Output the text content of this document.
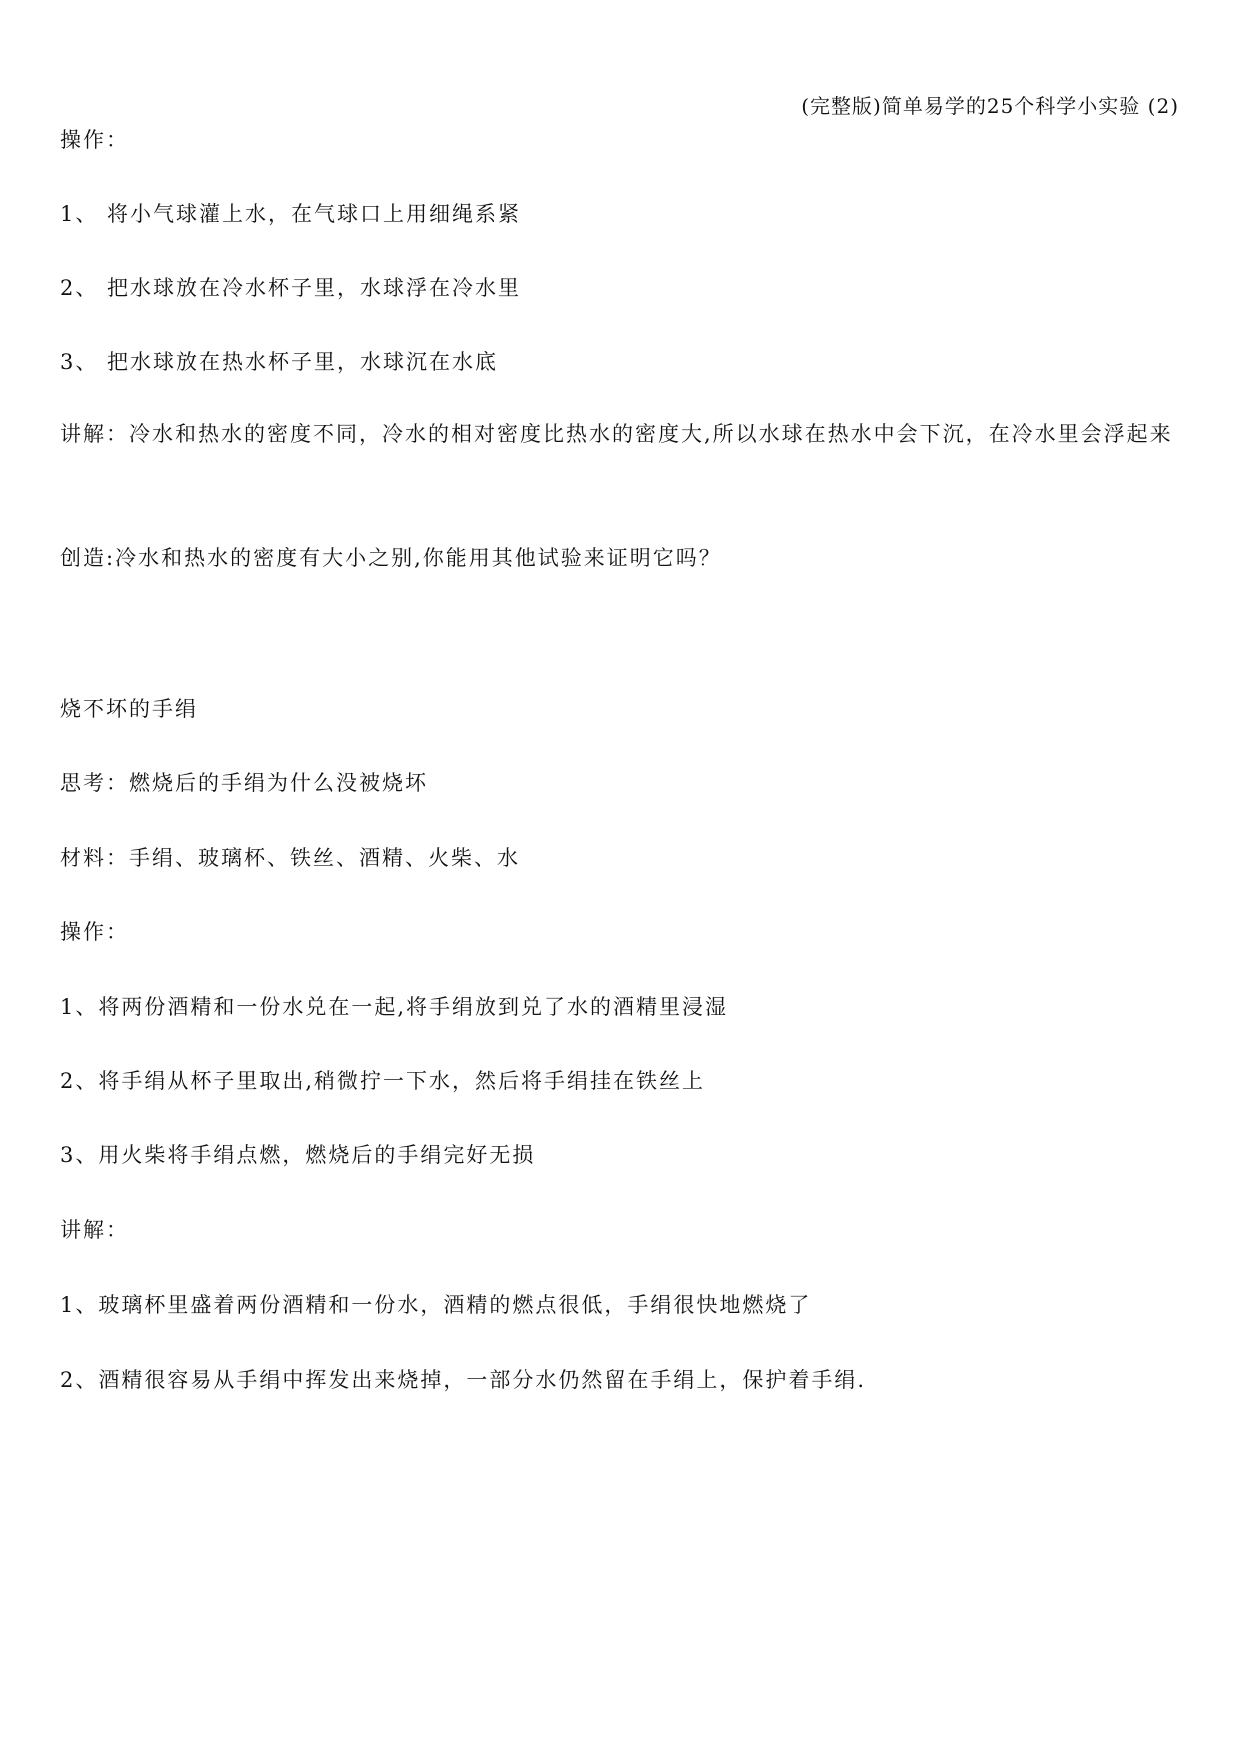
(完整版)简单易学的25个科学小实验 (2)
操作：
1、 将小气球灌上水，在气球口上用细绳系紧
2、 把水球放在冷水杯子里，水球浮在冷水里
3、 把水球放在热水杯子里，水球沉在水底
讲解：冷水和热水的密度不同，冷水的相对密度比热水的密度大,所以水球在热水中会下沉，在冷水里会浮起来
创造:冷水和热水的密度有大小之别,你能用其他试验来证明它吗？
烧不坏的手绢
思考：燃烧后的手绢为什么没被烧坏
材料：手绢、玻璃杯、铁丝、酒精、火柴、水
操作：
1、将两份酒精和一份水兑在一起,将手绢放到兑了水的酒精里浸湿
2、将手绢从杯子里取出,稍微拧一下水，然后将手绢挂在铁丝上
3、用火柴将手绢点燃，燃烧后的手绢完好无损
讲解：
1、玻璃杯里盛着两份酒精和一份水，酒精的燃点很低，手绢很快地燃烧了
2、酒精很容易从手绢中挥发出来烧掉，一部分水仍然留在手绢上，保护着手绢.
